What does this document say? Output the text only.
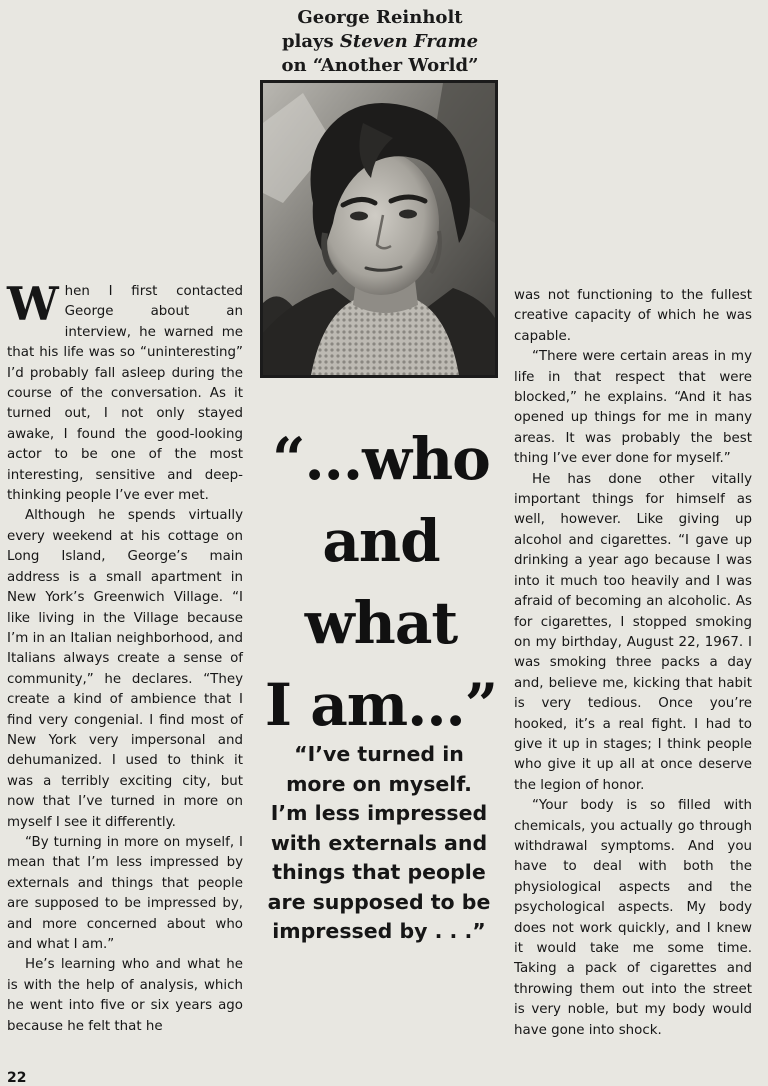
George Reinholt
plays Steven Frame
on “Another World”

When I first contacted George about an interview, he warned me that his life was so “uninteresting” I’d probably fall asleep during the course of the conversation. As it turned out, I not only stayed awake, I found the good-looking actor to be one of the most interesting, sensitive and deep-thinking people I’ve ever met.

Although he spends virtually every weekend at his cottage on Long Island, George’s main address is a small apartment in New York’s Greenwich Village. “I like living in the Village because I’m in an Italian neighborhood, and Italians always create a sense of community,” he declares. “They create a kind of ambience that I find very congenial. I find most of New York very impersonal and dehumanized. I used to think it was a terribly exciting city, but now that I’ve turned in more on myself I see it differently.

“By turning in more on myself, I mean that I’m less impressed by externals and things that people are supposed to be impressed by, and more concerned about who and what I am.”

He’s learning who and what he is with the help of analysis, which he went into five or six years ago because he felt that he

“...who
and
what
I am...”
“I’ve turned in
more on myself.
I’m less impressed
with externals and
things that people
are supposed to be
impressed by . . .”

was not functioning to the fullest creative capacity of which he was capable.

“There were certain areas in my life in that respect that were blocked,” he explains. “And it has opened up things for me in many areas. It was probably the best thing I’ve ever done for myself.”

He has done other vitally important things for himself as well, however. Like giving up alcohol and cigarettes. “I gave up drinking a year ago because I was into it much too heavily and I was afraid of becoming an alcoholic. As for cigarettes, I stopped smoking on my birthday, August 22, 1967. I was smoking three packs a day and, believe me, kicking that habit is very tedious. Once you’re hooked, it’s a real fight. I had to give it up in stages; I think people who give it up all at once deserve the legion of honor.

“Your body is so filled with chemicals, you actually go through withdrawal symptoms. And you have to deal with both the physiological aspects and the psychological aspects. My body does not work quickly, and I knew it would take me some time. Taking a pack of cigarettes and throwing them out into the street is very noble, but my body would have gone into shock.

22
